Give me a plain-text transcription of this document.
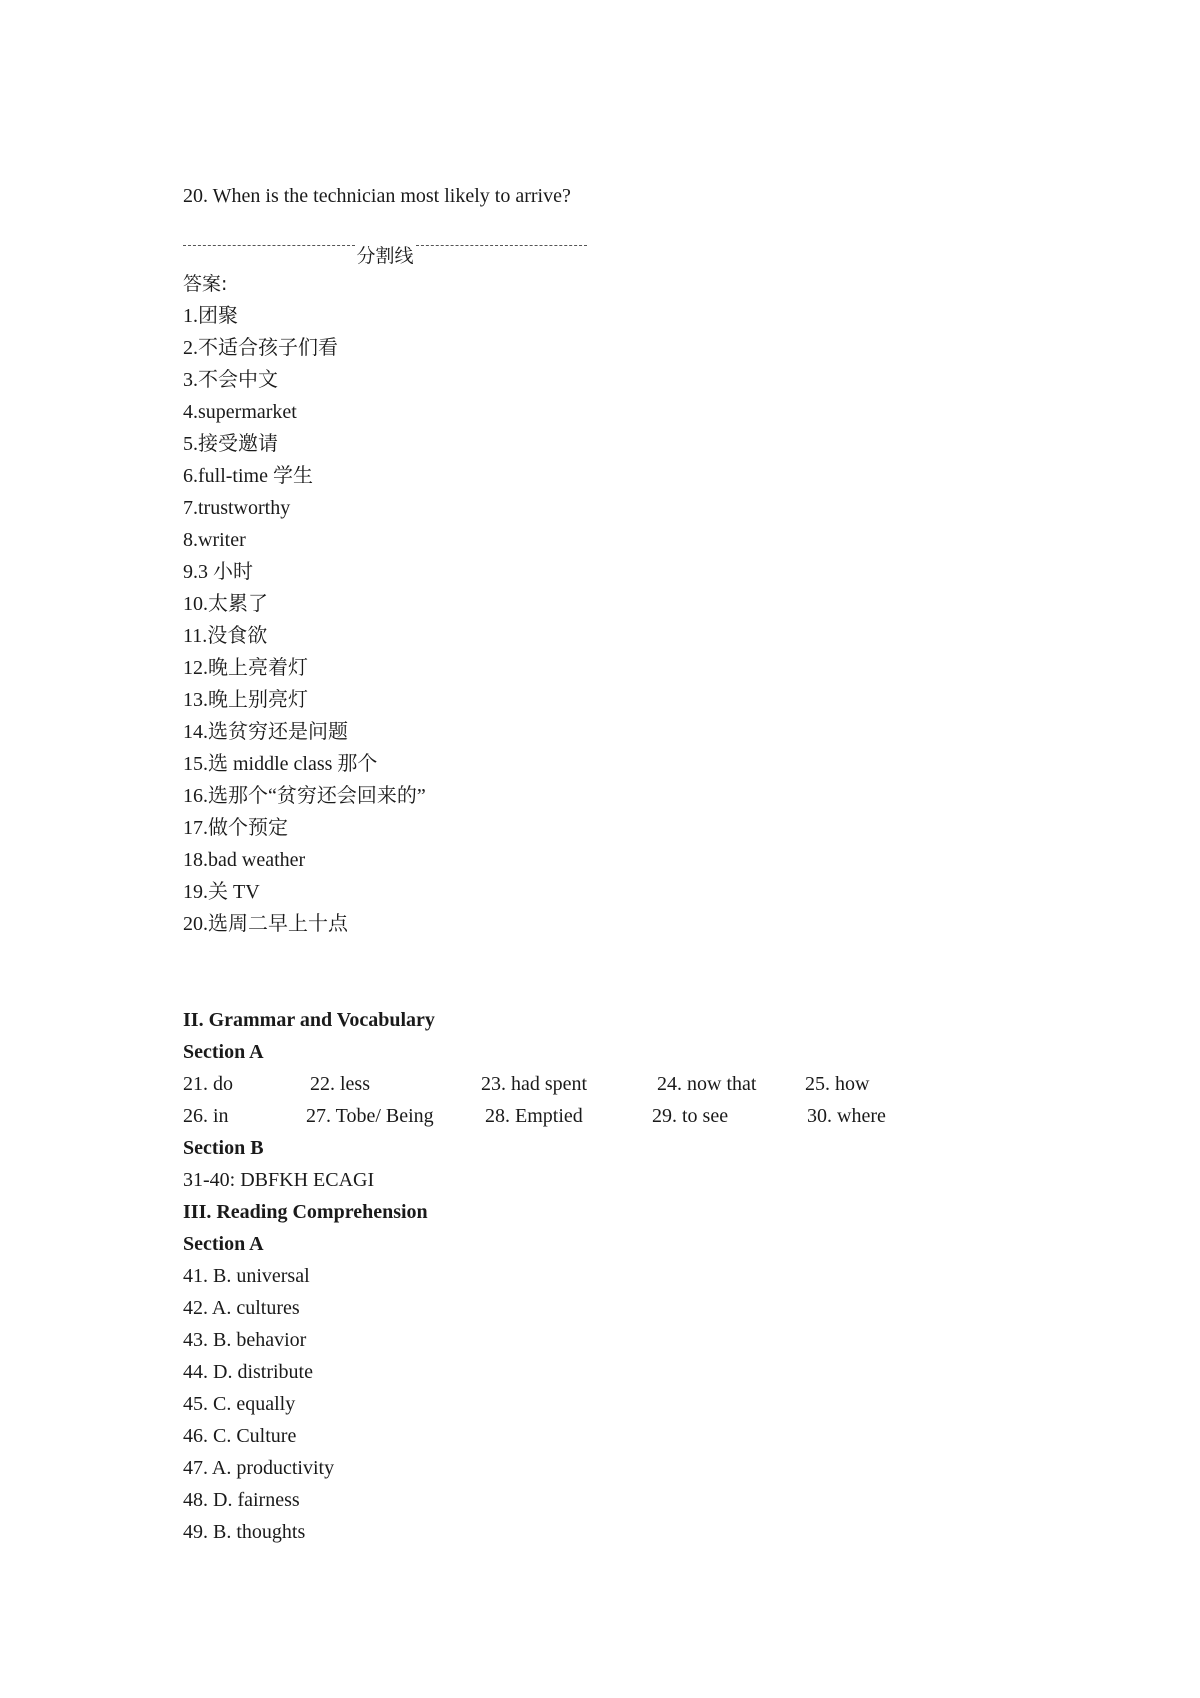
20. When is the technician most likely to arrive?
分割线
答案:
1.团聚
2.不适合孩子们看
3.不会中文
4.supermarket
5.接受邀请
6.full-time 学生
7.trustworthy
8.writer
9.3 小时
10.太累了
11.没食欲
12.晚上亮着灯
13.晚上别亮灯
14.选贫穷还是问题
15.选 middle class 那个
16.选那个“贫穷还会回来的”
17.做个预定
18.bad weather
19.关 TV
20.选周二早上十点
II. Grammar and Vocabulary
Section A
21. do	22. less	23. had spent	24. now that 25. how
26. in	27. Tobe/ Being	28. Emptied	29. to see	30. where
Section B
31-40: DBFKH ECAGI
III. Reading Comprehension
Section A
41. B. universal
42. A. cultures
43. B. behavior
44. D. distribute
45. C. equally
46. C. Culture
47. A. productivity
48. D. fairness
49. B. thoughts
